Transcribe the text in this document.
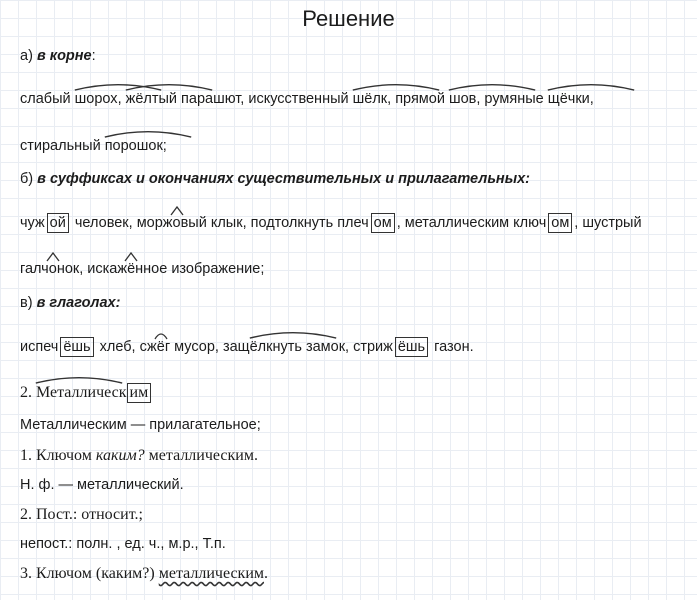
Решение
а) в корне:
слабый
шорох,
жёлтый парашют, искусственный
шёлк, прямой
шов, румяные
щёчки,
стиральный
порошок;
б) в суффиксах и окончаниях существительных и прилагательных:
чуж ой человек, морж
овый клык, подтолкнуть плеч ом , металлическим ключ ом , шустрый
галч
онок, искаж
ённое изображение;
в) в глаголах:
испеч ёшь хлеб, сж
ёг мусор, защ
ёлкнуть замок, стриж ёшь газон.
2. Металлическ им
Металлическим — прилагательное;
1. Ключом каким? металлическим.
Н. ф. — металлический.
2. Пост.: относит.;
непост.: полн. , ед. ч., м.р., Т.п.
3. Ключом (каким?) металлическим.
